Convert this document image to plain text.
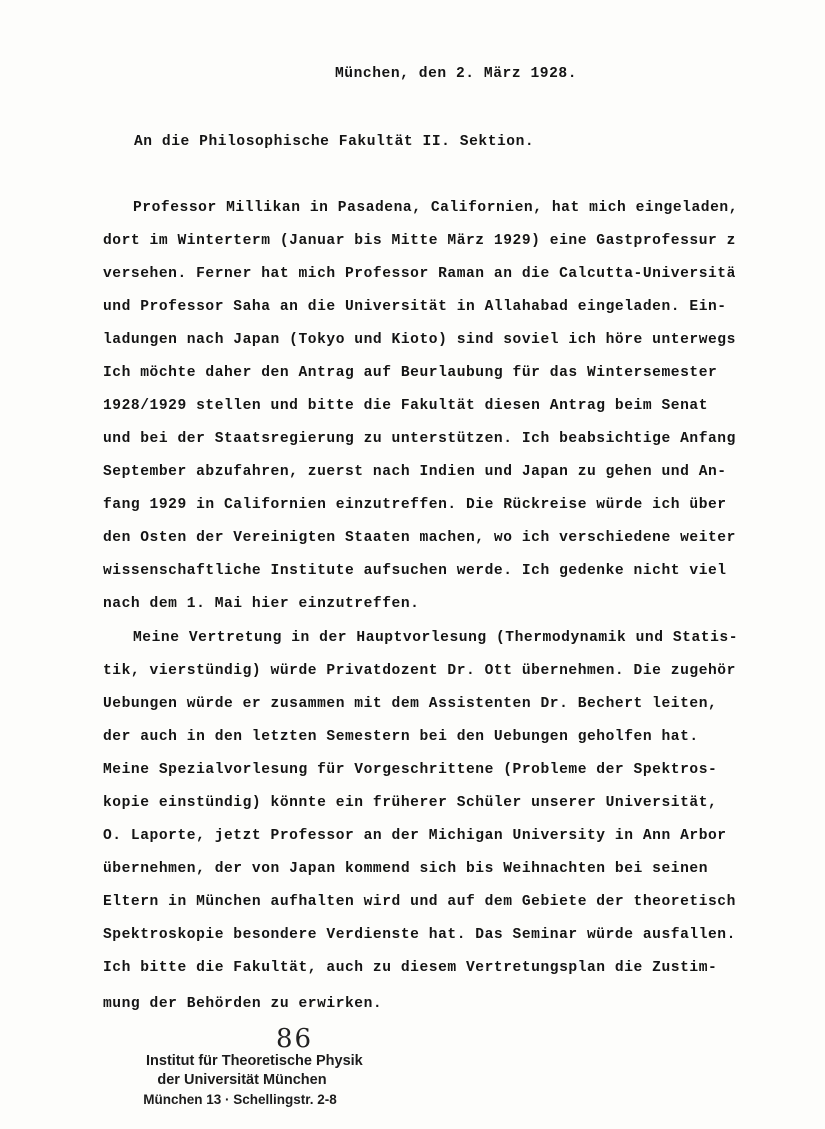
München, den 2. März 1928.

An die Philosophische Fakultät II. Sektion.

Professor Millikan in Pasadena, Californien, hat mich eingeladen,

dort im Winterterm (Januar bis Mitte März 1929) eine Gastprofessur z

versehen. Ferner hat mich Professor Raman an die Calcutta-Universitä

und Professor Saha an die Universität in Allahabad eingeladen. Ein-

ladungen nach Japan (Tokyo und Kioto) sind soviel ich höre unterwegs

Ich möchte daher den Antrag auf Beurlaubung für das Wintersemester

1928/1929 stellen und bitte die Fakultät diesen Antrag beim Senat

und bei der Staatsregierung zu unterstützen. Ich beabsichtige Anfang

September abzufahren, zuerst nach Indien und Japan zu gehen und An-

fang 1929 in Californien einzutreffen. Die Rückreise würde ich über

den Osten der Vereinigten Staaten machen, wo ich verschiedene weiter

wissenschaftliche Institute aufsuchen werde. Ich gedenke nicht viel

nach dem 1. Mai hier einzutreffen.

Meine Vertretung in der Hauptvorlesung (Thermodynamik und Statis-

tik, vierstündig) würde Privatdozent Dr. Ott übernehmen. Die zugehör

Uebungen würde er zusammen mit dem Assistenten Dr. Bechert leiten,

der auch in den letzten Semestern bei den Uebungen geholfen hat.

Meine Spezialvorlesung für Vorgeschrittene (Probleme der Spektros-

kopie einstündig) könnte ein früherer Schüler unserer Universität,

O. Laporte, jetzt Professor an der Michigan University in Ann Arbor

übernehmen, der von Japan kommend sich bis Weihnachten bei seinen

Eltern in München aufhalten wird und auf dem Gebiete der theoretisch

Spektroskopie besondere Verdienste hat. Das Seminar würde ausfallen.

Ich bitte die Fakultät, auch zu diesem Vertretungsplan die Zustim-

mung der Behörden zu erwirken.

86

Institut für Theoretische Physik
der Universität München
München 13 · Schellingstr. 2-8
